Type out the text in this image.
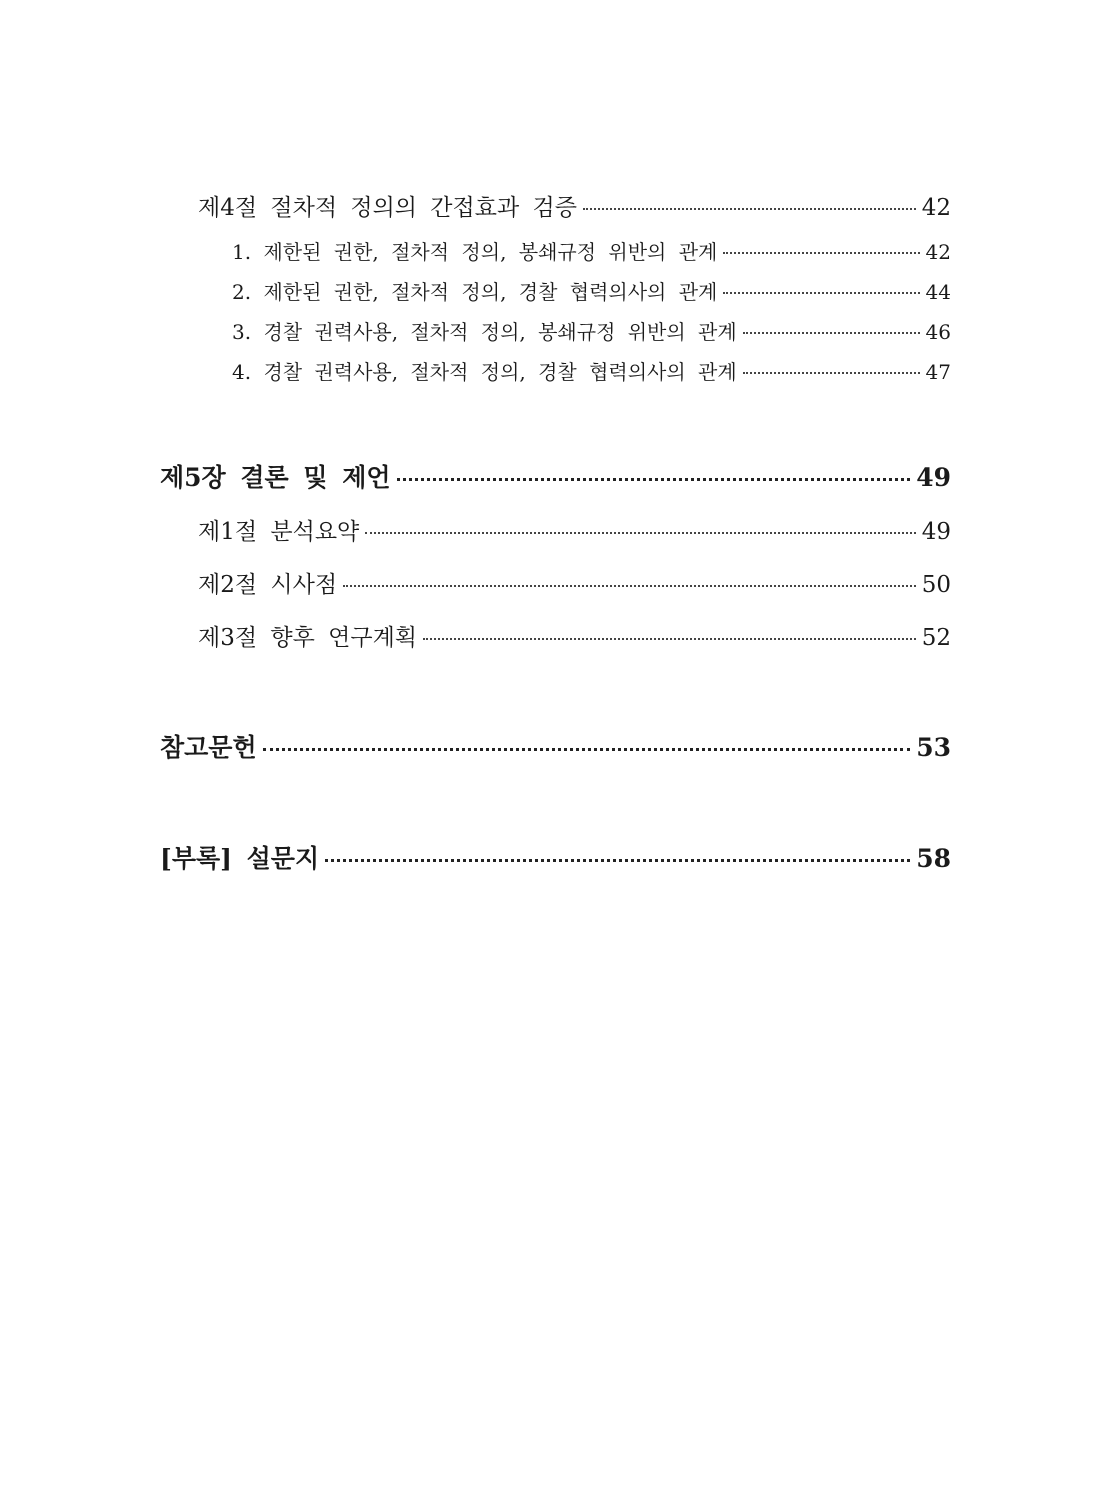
제4절 절차적 정의의 간접효과 검증	42
1. 제한된 권한, 절차적 정의, 봉쇄규정 위반의 관계	42
2. 제한된 권한, 절차적 정의, 경찰 협력의사의 관계	44
3. 경찰 권력사용, 절차적 정의, 봉쇄규정 위반의 관계	46
4. 경찰 권력사용, 절차적 정의, 경찰 협력의사의 관계	47
제5장 결론 및 제언	49
제1절 분석요약	49
제2절 시사점	50
제3절 향후 연구계획	52
참고문헌	53
[부록] 설문지	58
